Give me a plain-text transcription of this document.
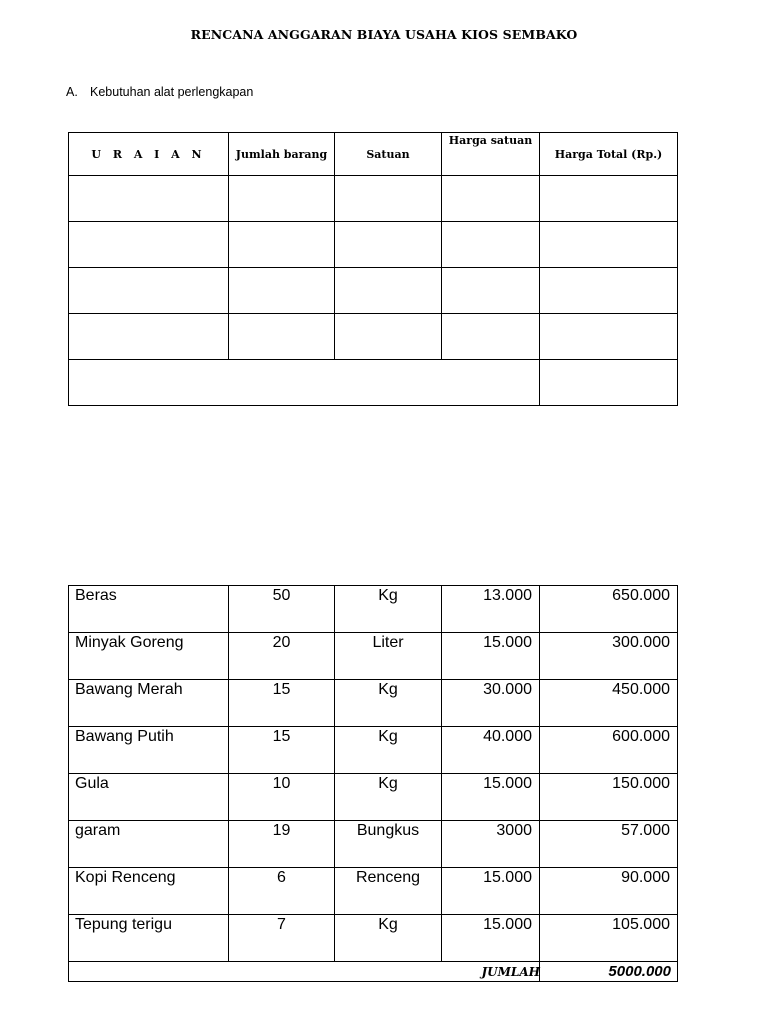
RENCANA ANGGARAN BIAYA USAHA KIOS SEMBAKO
A. Kebutuhan alat perlengkapan
U R A I A N	Jumlah barang	Satuan	Harga satuan	Harga Total (Rp.)

Beras	50	Kg	13.000	650.000
Minyak Goreng	20	Liter	15.000	300.000
Bawang Merah	15	Kg	30.000	450.000
Bawang Putih	15	Kg	40.000	600.000
Gula	10	Kg	15.000	150.000
garam	19	Bungkus	3000	57.000
Kopi Renceng	6	Renceng	15.000	90.000
Tepung terigu	7	Kg	15.000	105.000
			JUMLAH	5000.000
